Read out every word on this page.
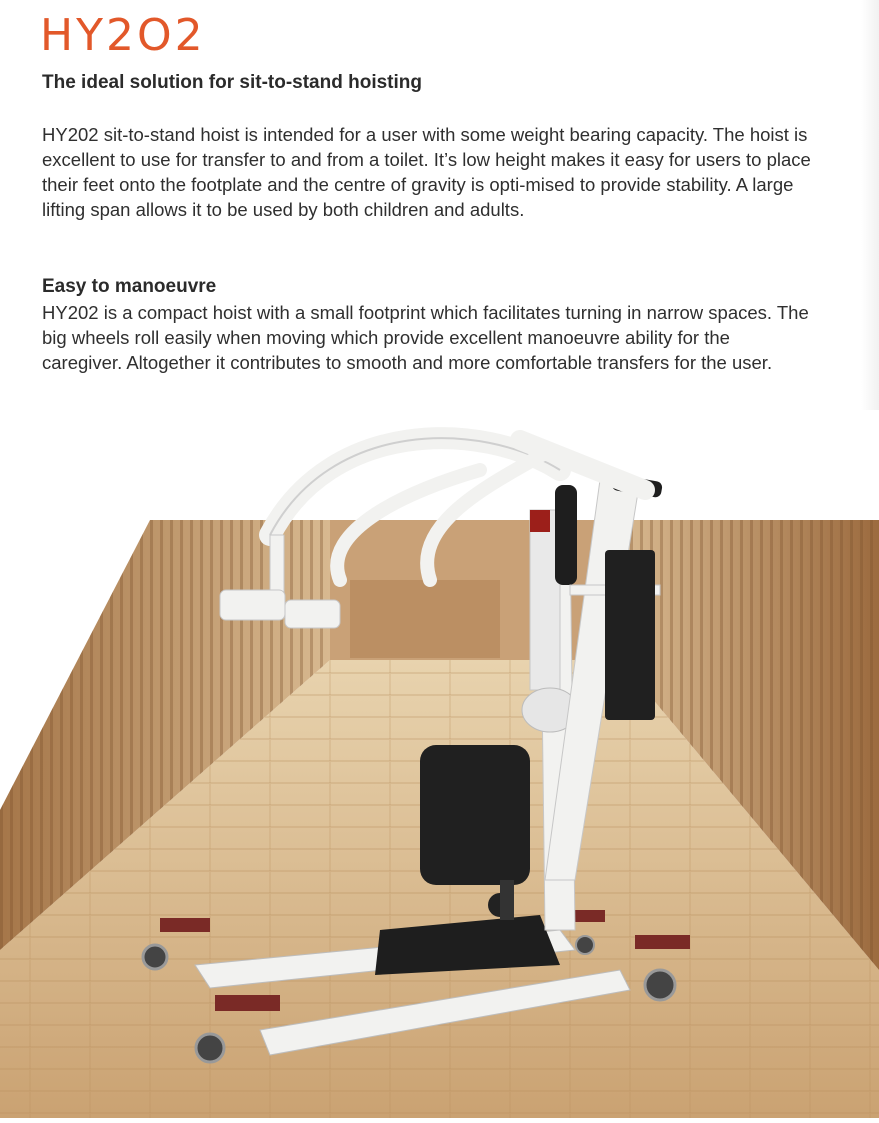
HY2O2
The ideal solution for sit-to-stand hoisting
HY202 sit-to-stand hoist is intended for a user with some weight bearing capacity. The hoist is excellent to use for transfer to and from a toilet. It’s low height makes it easy for users to place their feet onto the footplate and the centre of gravity is opti-mised to provide stability. A large lifting span allows it to be used by both children and adults.
Easy to manoeuvre
HY202 is a compact hoist with a small footprint which facilitates turning in narrow spaces. The big wheels roll easily when moving which provide excellent manoeuvre ability for the caregiver. Altogether it contributes to smooth and more comfortable transfers for the user.
